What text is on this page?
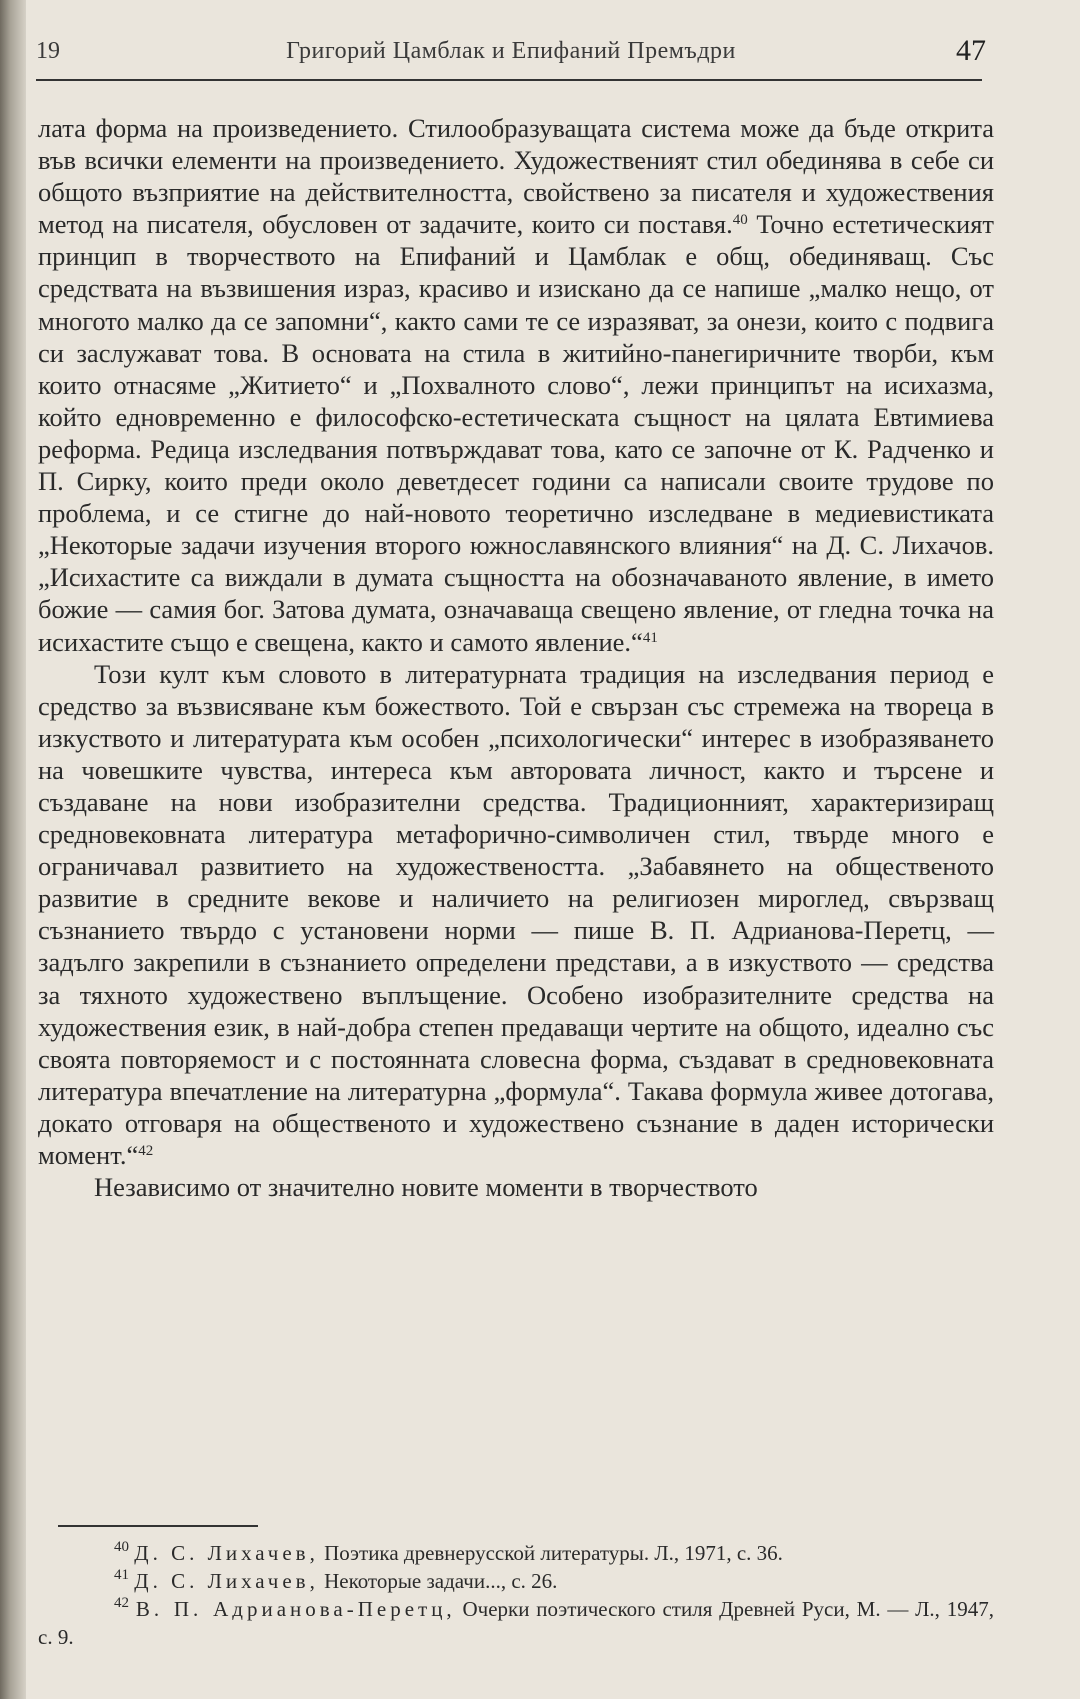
19	Григорий Цамблак и Епифаний Премъдри	47

лата форма на произведението. Стилообразуващата система може да бъде открита във всички елементи на произведението. Художественият стил обединява в себе си общото възприятие на действителността, свойствено за писателя и художествения метод на писателя, обусловен от задачите, които си поставя.$^{40}$ Точно естетическият принцип в творчеството на Епифаний и Цамблак е общ, обединяващ. Със средствата на възвишения израз, красиво и изискано да се напише „малко нещо, от многото малко да се запомни“, както сами те се изразяват, за онези, които с подвига си заслужават това. В основата на стила в житийно-панегиричните творби, към които отнасяме „Житието“ и „Похвалното слово“, лежи принципът на исихазма, който едновременно е философско-естетическата същност на цялата Евтимиева реформа. Редица изследвания потвърждават това, като се започне от К. Радченко и П. Сирку, които преди около деветдесет години са написали своите трудове по проблема, и се стигне до най-новото теоретично изследване в медиевистиката „Некоторые задачи изучения второго южнославянского влияния“ на Д. С. Лихачов. „Исихастите са виждали в думата същността на обозначаваното явление, в името божие — самия бог. Затова думата, означаваща свещено явление, от гледна точка на исихастите също е свещена, както и самото явление.“$^{41}$

Този култ към словото в литературната традиция на изследвания период е средство за възвисяване към божеството. Той е свързан със стремежа на твореца в изкуството и литературата към особен „психологически“ интерес в изобразяването на човешките чувства, интереса към авторовата личност, както и търсене и създаване на нови изобразителни средства. Традиционният, характеризиращ средновековната литература метафорично-символичен стил, твърде много е ограничавал развитието на художествеността. „Забавянето на общественото развитие в средните векове и наличието на религиозен мироглед, свързващ съзнанието твърдо с установени норми — пише В. П. Адрианова-Перетц, — задълго закрепили в съзнанието определени представи, а в изкуството — средства за тяхното художествено въплъщение. Особено изобразителните средства на художествения език, в най-добра степен предаващи чертите на общото, идеално със своята повторяемост и с постоянната словесна форма, създават в средновековната литература впечатление на литературна „формула“. Такава формула живее дотогава, докато отговаря на общественото и художествено съзнание в даден исторически момент.“$^{42}$

Независимо от значително новите моменти в творчеството

$^{40}$ Д. С. Лихачев, Поэтика древнерусской литературы. Л., 1971, с. 36.

$^{41}$ Д. С. Лихачев, Некоторые задачи..., с. 26.

$^{42}$ В. П. Адрианова-Перетц, Очерки поэтического стиля Древней Руси, М. — Л., 1947, с. 9.
